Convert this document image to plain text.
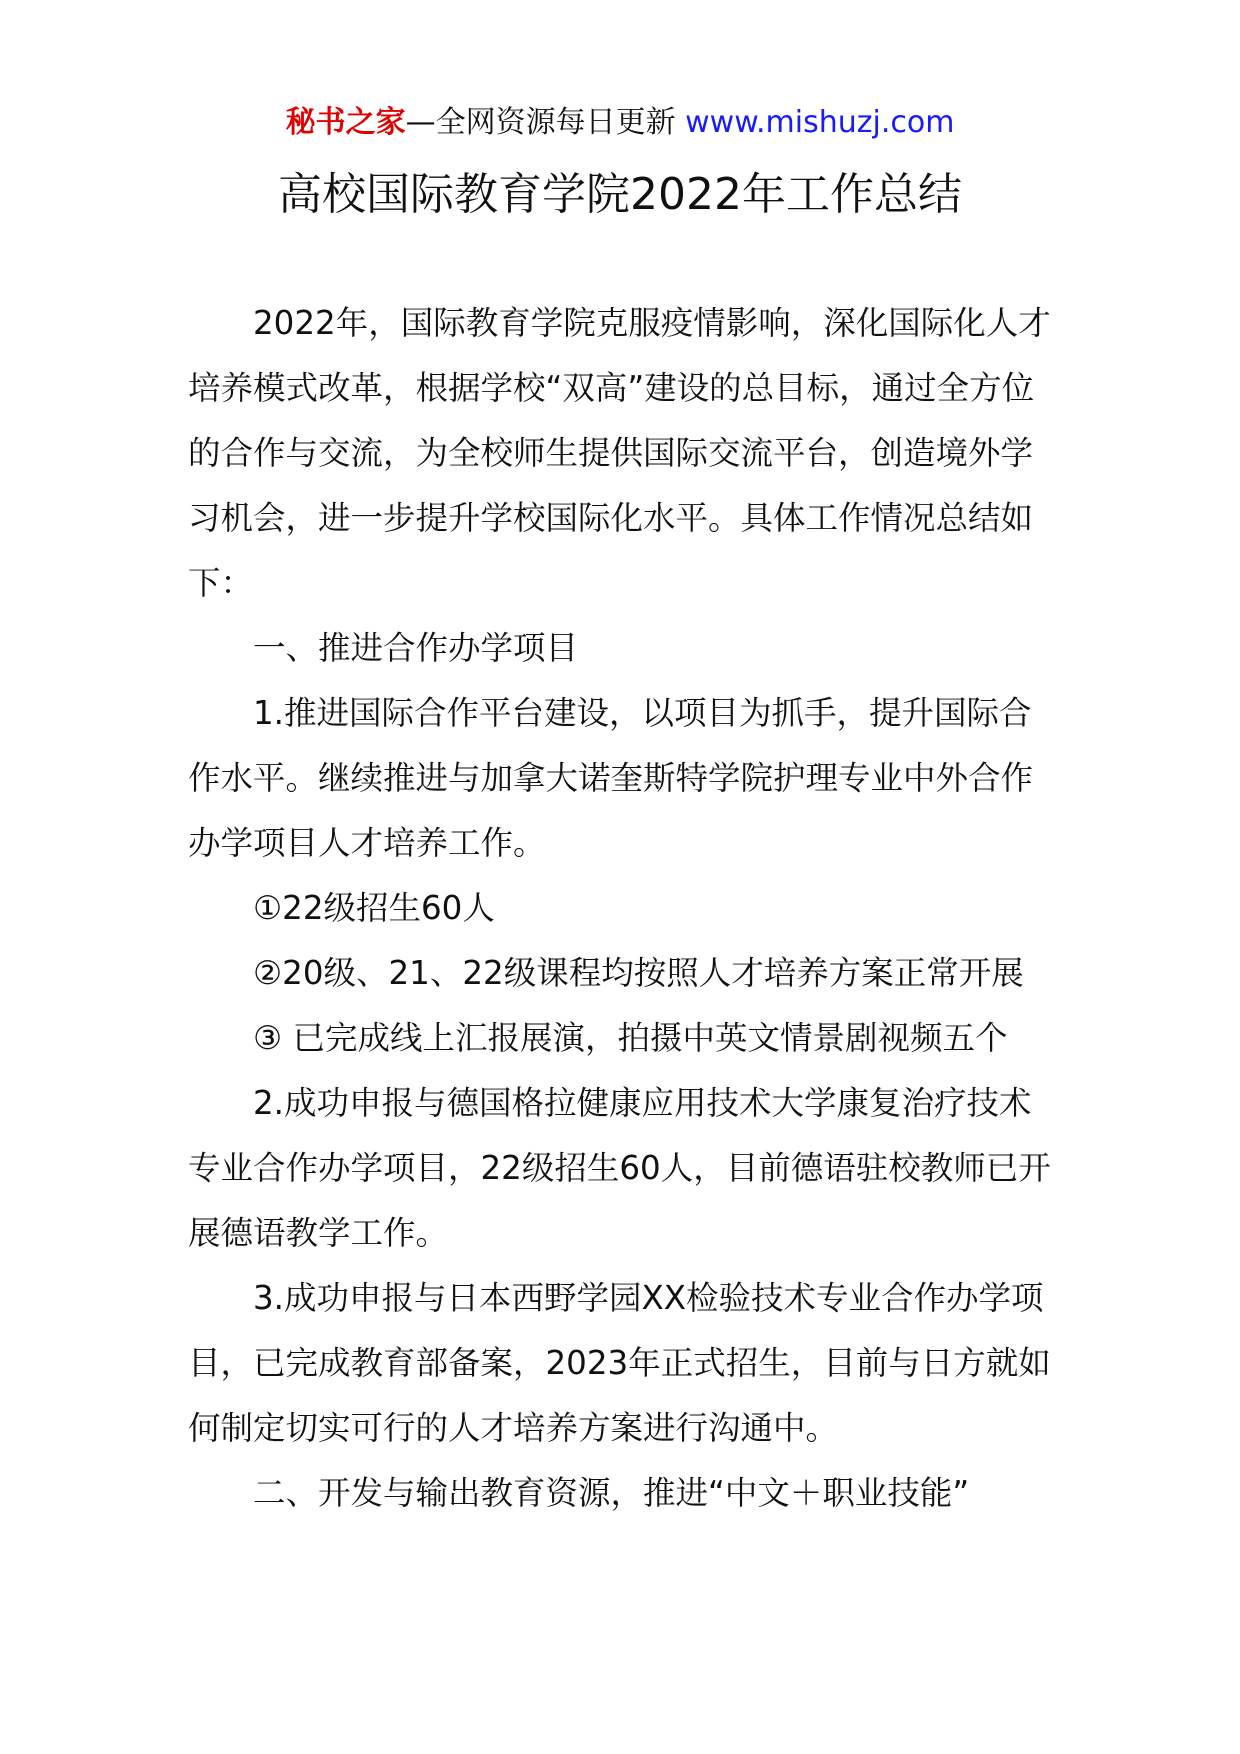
秘书之家—全网资源每日更新 www.mishuzj.com
高校国际教育学院2022年工作总结

2022年，国际教育学院克服疫情影响，深化国际化人才培养模式改革，根据学校“双高”建设的总目标，通过全方位的合作与交流，为全校师生提供国际交流平台，创造境外学习机会，进一步提升学校国际化水平。具体工作情况总结如下：

一、推进合作办学项目

1.推进国际合作平台建设，以项目为抓手，提升国际合作水平。继续推进与加拿大诺奎斯特学院护理专业中外合作办学项目人才培养工作。

①22级招生60人

②20级、21、22级课程均按照人才培养方案正常开展

③ 已完成线上汇报展演，拍摄中英文情景剧视频五个

2.成功申报与德国格拉健康应用技术大学康复治疗技术专业合作办学项目，22级招生60人，目前德语驻校教师已开展德语教学工作。

3.成功申报与日本西野学园XX检验技术专业合作办学项目，已完成教育部备案，2023年正式招生，目前与日方就如何制定切实可行的人才培养方案进行沟通中。

二、开发与输出教育资源，推进“中文＋职业技能”
